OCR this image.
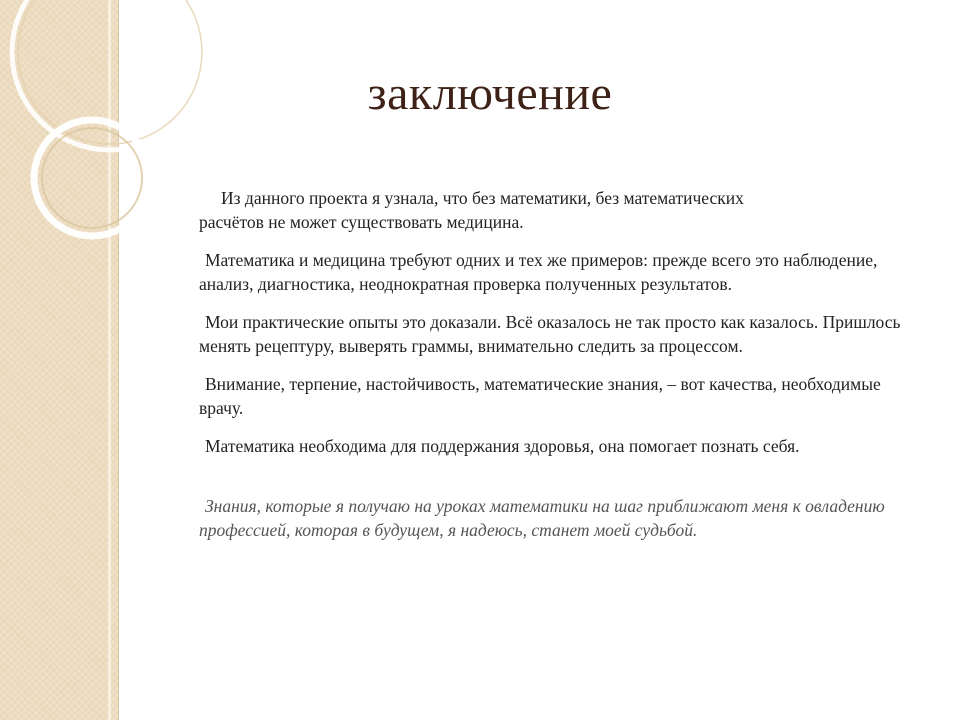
заключение

Из данного проекта я узнала, что без математики, без математических

расчётов не может существовать медицина.

Математика и медицина требуют одних и тех же примеров: прежде всего это наблюдение, анализ, диагностика, неоднократная проверка полученных результатов.

Мои практические опыты это доказали. Всё оказалось не так просто как казалось. Пришлось менять рецептуру, выверять граммы, внимательно следить за процессом.

Внимание, терпение, настойчивость, математические знания, – вот качества, необходимые врачу.

Математика необходима для поддержания здоровья, она помогает познать себя.

Знания, которые я получаю на уроках математики на шаг приближают меня к овладению профессией, которая в будущем, я надеюсь, станет моей судьбой.
